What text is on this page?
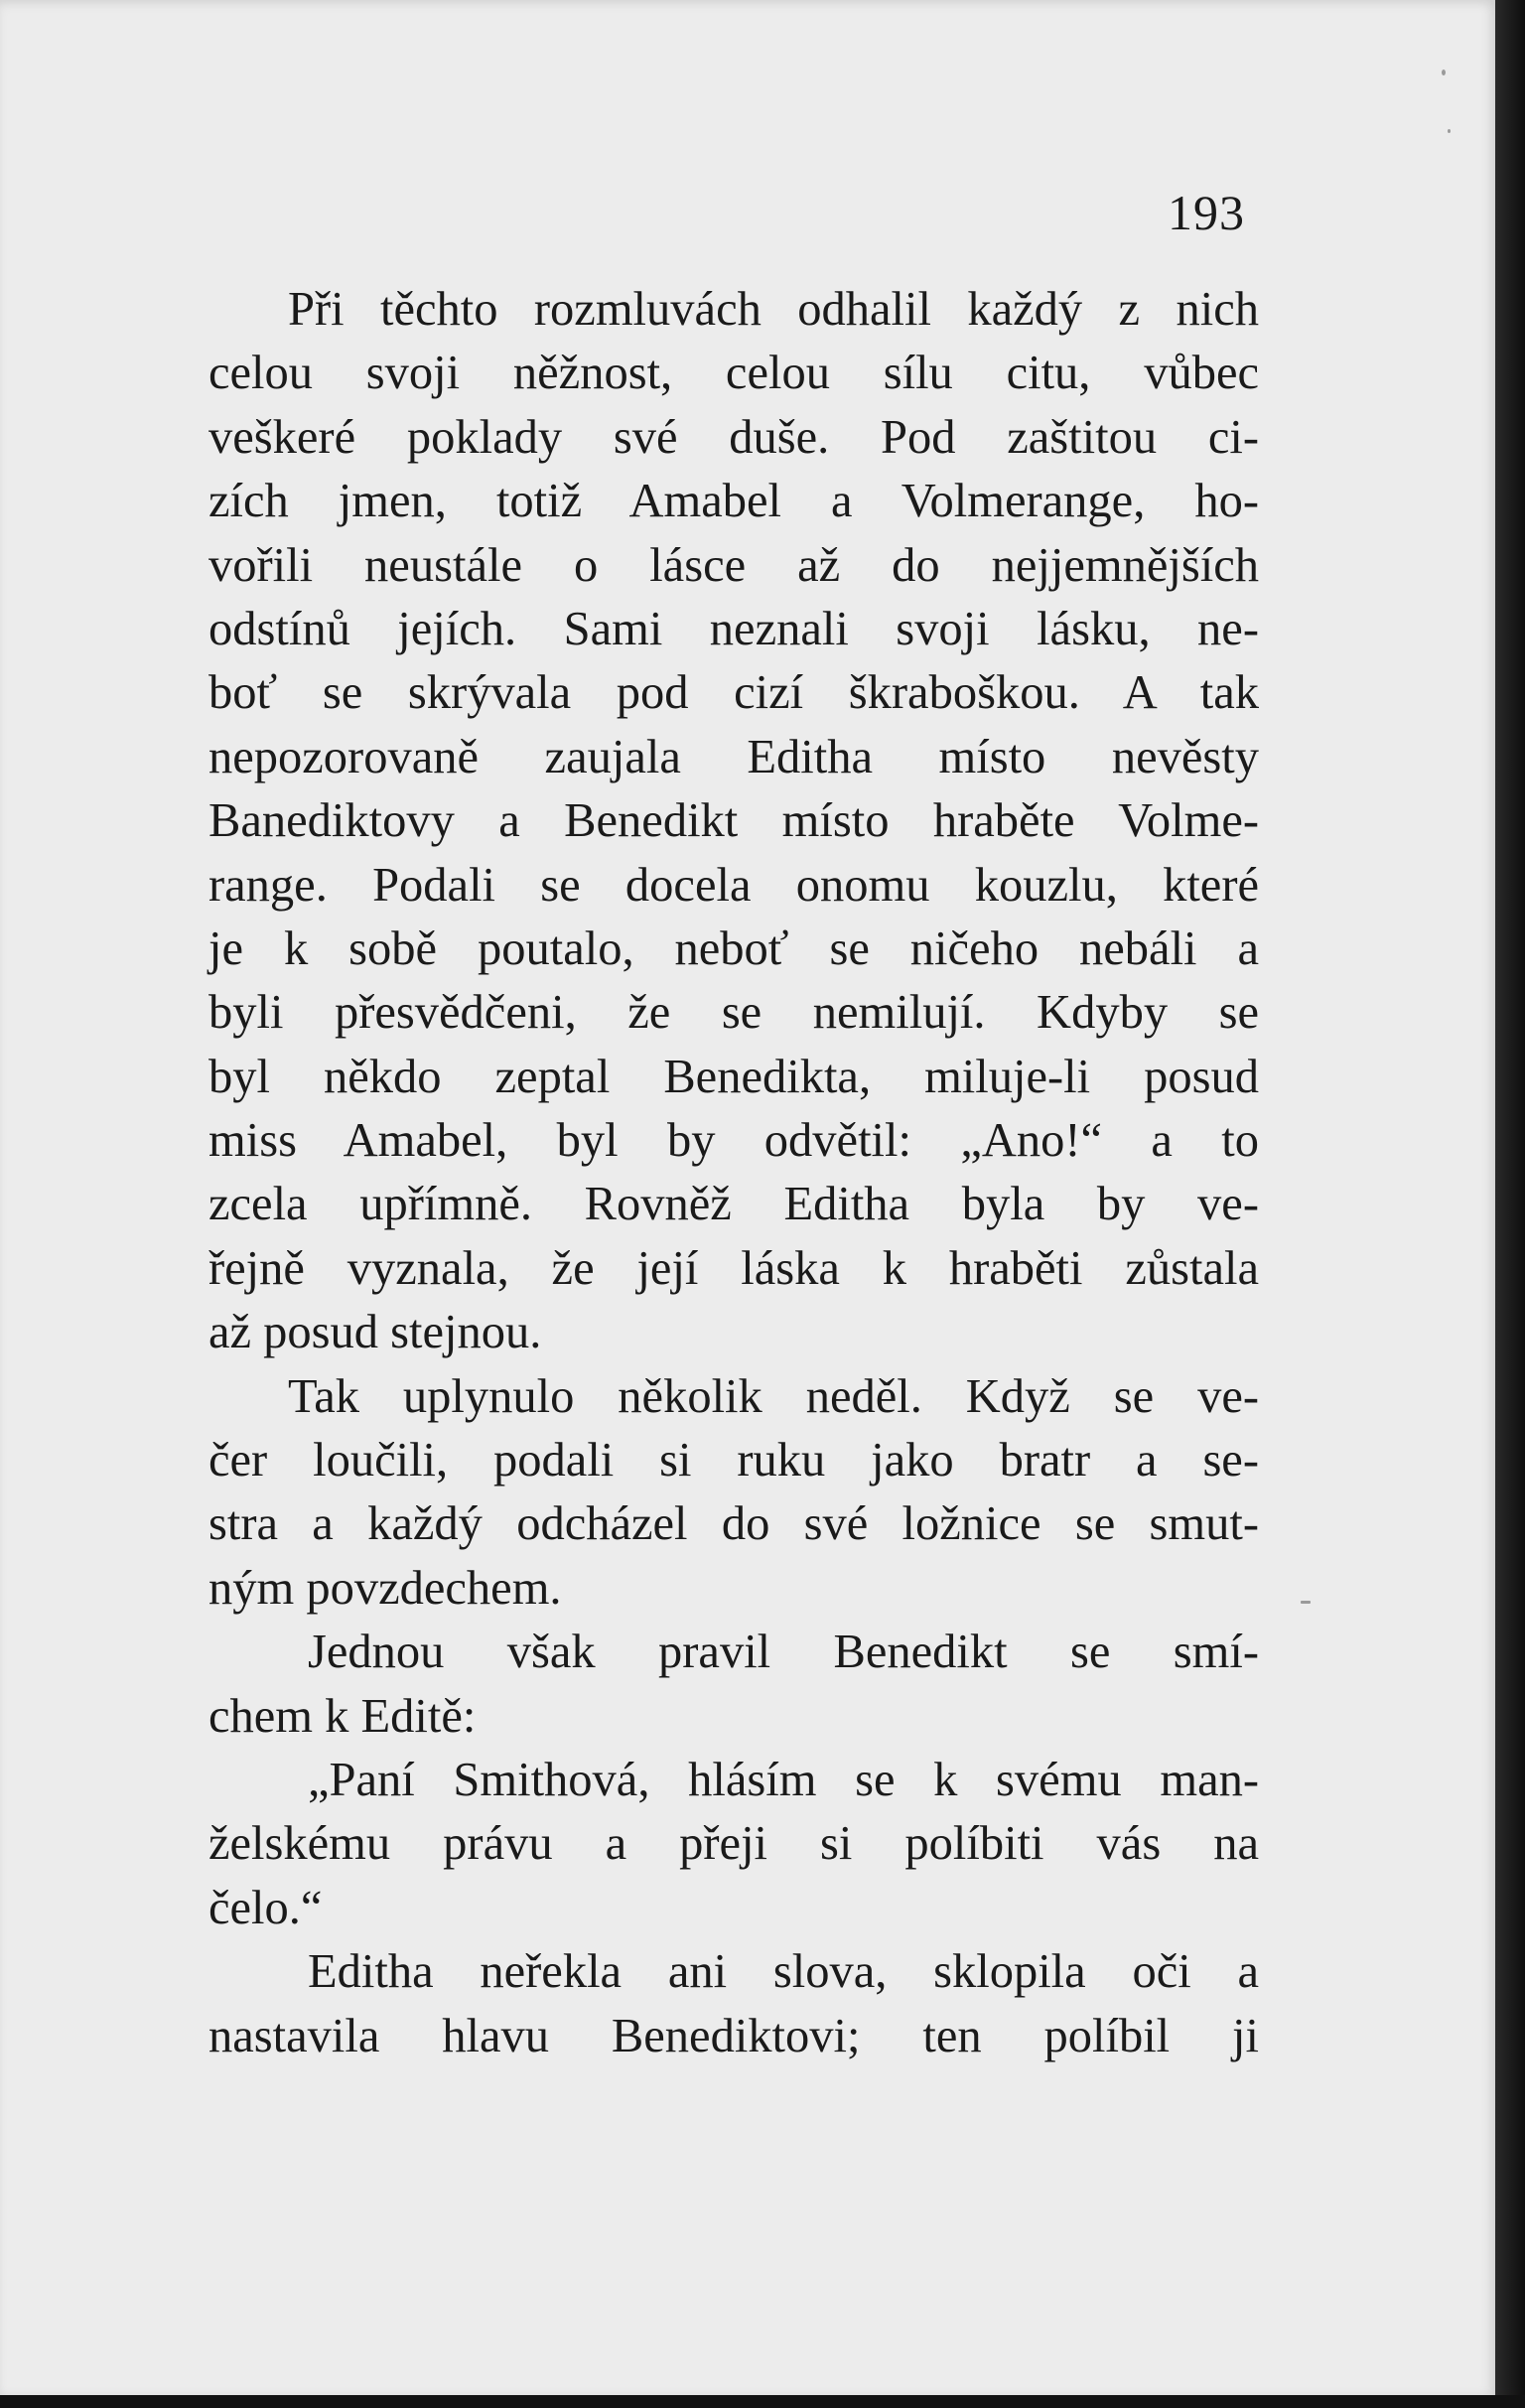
193
Při těchto rozmluvách odhalil každý z nich
celou svoji něžnost, celou sílu citu, vůbec
veškeré poklady své duše. Pod zaštitou ci-
zích jmen, totiž Amabel a Volmerange, ho-
vořili neustále o lásce až do nejjemnějších
odstínů jejích. Sami neznali svoji lásku, ne-
boť se skrývala pod cizí škraboškou. A tak
nepozorovaně zaujala Editha místo nevěsty
Banediktovy a Benedikt místo hraběte Volme-
range. Podali se docela onomu kouzlu, které
je k sobě poutalo, neboť se ničeho nebáli a
byli přesvědčeni, že se nemilují. Kdyby se
byl někdo zeptal Benedikta, miluje-li posud
miss Amabel, byl by odvětil: „Ano!“ a to
zcela upřímně. Rovněž Editha byla by ve-
řejně vyznala, že její láska k hraběti zůstala
až posud stejnou.
Tak uplynulo několik neděl. Když se ve-
čer loučili, podali si ruku jako bratr a se-
stra a každý odcházel do své ložnice se smut-
ným povzdechem.
Jednou však pravil Benedikt se smí-
chem k Editě:
„Paní Smithová, hlásím se k svému man-
želskému právu a přeji si políbiti vás na
čelo.“
Editha neřekla ani slova, sklopila oči a
nastavila hlavu Benediktovi; ten políbil ji
